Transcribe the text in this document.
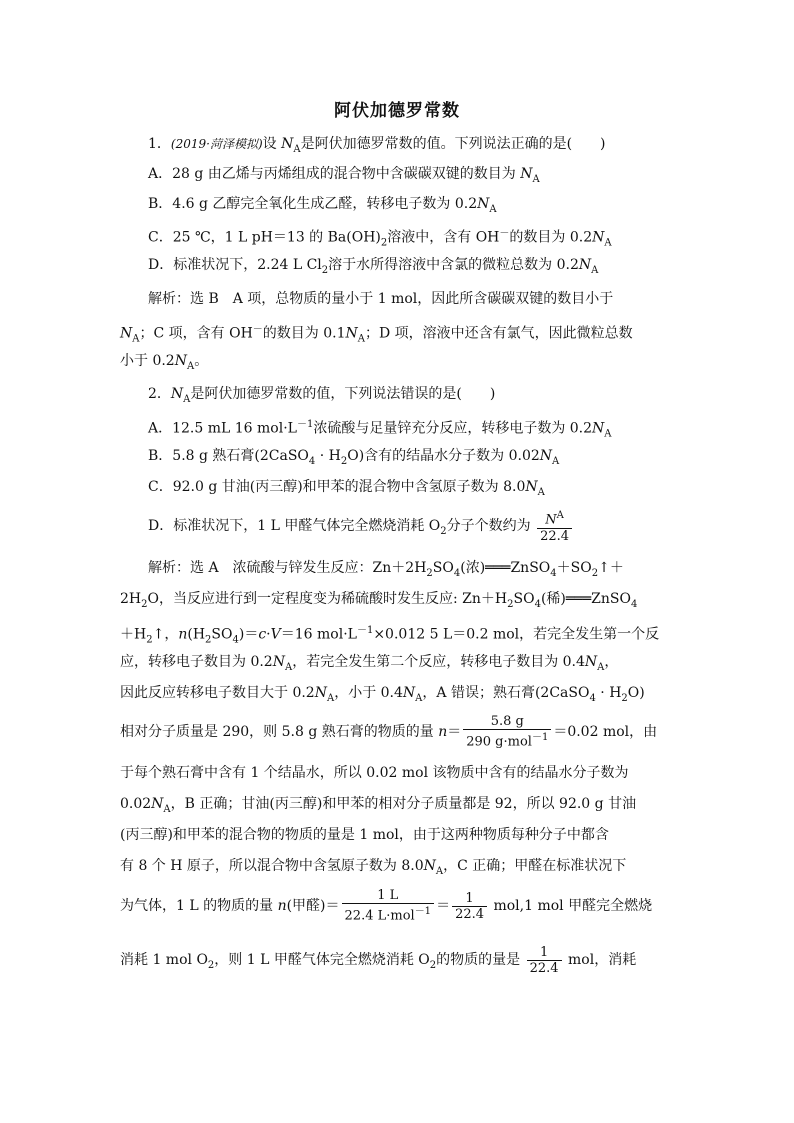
阿伏加德罗常数
1．(2019·菏泽模拟)设 $N_A$是阿伏加德罗常数的值。下列说法正确的是(　　)
A．28 g 由乙烯与丙烯组成的混合物中含碳碳双键的数目为 $N_A$
B．4.6 g 乙醇完全氧化生成乙醛，转移电子数为 $0.2N_A$
C．25 ℃，1 L pH＝13 的 $Ba(OH)_2$溶液中，含有 OH－的数目为 $0.2N_A$
D．标准状况下，2.24 L $Cl_2$溶于水所得溶液中含氯的微粒总数为 $0.2N_A$
解析：选 B　A 项，总物质的量小于 1 mol，因此所含碳碳双键的数目小于
$N_A$；C 项，含有 OH－的数目为 $0.1N_A$；D 项，溶液中还含有氯气，因此微粒总数
小于 $0.2N_A$。
2．$N_A$是阿伏加德罗常数的值，下列说法错误的是(　　)
A．12.5 mL 16 $mol\cdot L^{-1}$浓硫酸与足量锌充分反应，转移电子数为 $0.2N_A$
B．5.8 g 熟石膏(2CaSO$_4$ · $H_2O$)含有的结晶水分子数为 $0.02N_A$
C．92.0 g 甘油(丙三醇)和甲苯的混合物中含氢原子数为 $8.0N_A$
D．标准状况下，1 L 甲醛气体完全燃烧消耗 $O_2$分子个数约为 $\frac{N^A}{22.4}$
解析：选 A　浓硫酸与锌发生反应：$Zn+2H_2SO_4$(浓)$═══ZnSO_4+SO_2↑+$
$2H_2O$，当反应进行到一定程度变为稀硫酸时发生反应: $Zn+H_2SO_4$(稀)═══ZnSO$_4$
$+H_2↑$，$n(H_2SO_4)=c\cdot V=16$ $mol\cdot L^{-1}\times 0.012$ 5 L＝0.2 mol，若完全发生第一个反
应，转移电子数目为 $0.2N_A$，若完全发生第二个反应，转移电子数目为 $0.4N_A$，
因此反应转移电子数目大于 $0.2N_A$，小于 $0.4N_A$，A 错误；熟石膏(2CaSO$_4$ · $H_2O$)
相对分子质量是 290，则 5.8 g 熟石膏的物质的量 $n= \frac{5.8 g}{290 g\cdot mol^{-1}} =0.02$ mol，由
于每个熟石膏中含有 1 个结晶水，所以 0.02 mol 该物质中含有的结晶水分子数为
$0.02N_A$，B 正确；甘油(丙三醇)和甲苯的相对分子质量都是 92，所以 92.0 g 甘油
(丙三醇)和甲苯的混合物的物质的量是 1 mol，由于这两种物质每种分子中都含
有 8 个 H 原子，所以混合物中含氢原子数为 $8.0N_A$，C 正确；甲醛在标准状况下
为气体，1 L 的物质的量 n(甲醛)＝ $\frac{1 L}{22.4 L\cdot mol^{-1}} = \frac{1}{22.4} mol,1$ mol 甲醛完全燃烧
消耗 1 mol $O_2$，则 1 L 甲醛气体完全燃烧消耗 $O_2$的物质的量是 $\frac{1}{22.4}$ mol，消耗
